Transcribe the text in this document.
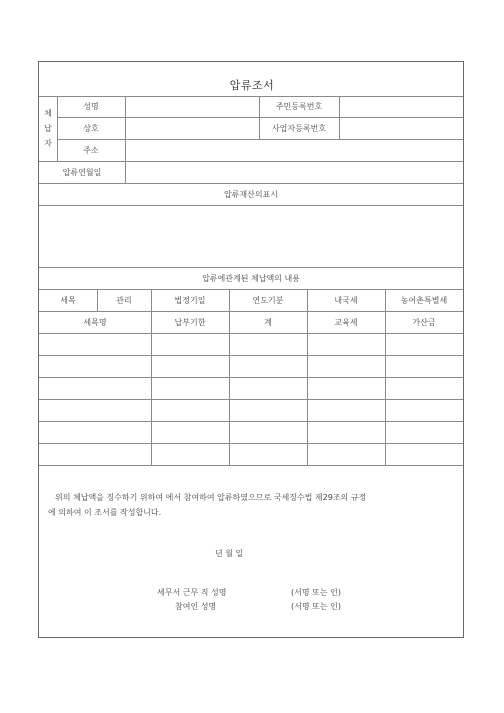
압류조서
체
납
자
성명	주민등록번호
상호	사업자등록번호
주소
압류연월일
압류재산의표시
압류에관계된 체납액의 내용
세목	관리	법정기일	연도기분	내국세	농어촌특별세
세목명	납부기한	계	교육세	가산금
위의 체납액을 징수하기 위하여 에서 참여하여 압류하였으므로 국세징수법 제29조의 규정
에 의하여 이 조서를 작성합니다.
년 월 일
세무서 근무 직 성명	(서명 또는 인)
참여인 성명	(서명 또는 인)
